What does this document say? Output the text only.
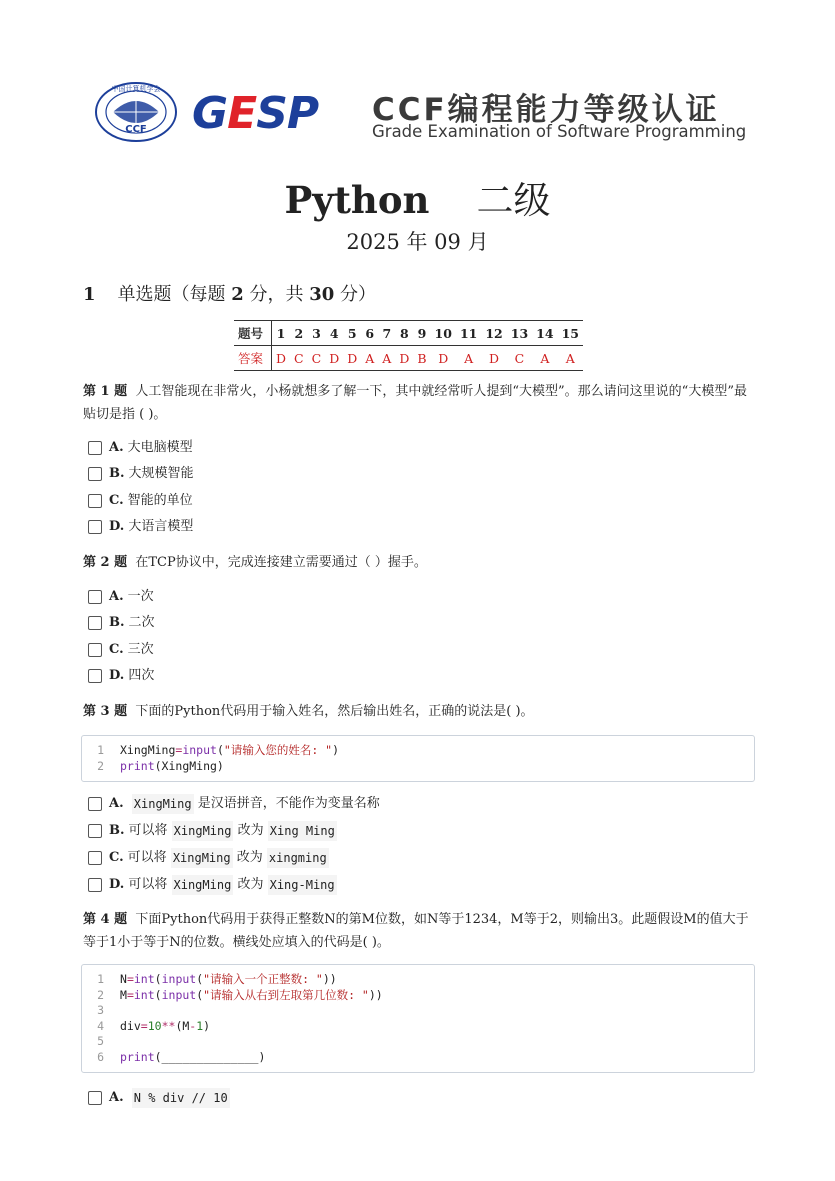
中国计算机学会
CCF	GESP CCF编程能力等级认证
Grade Examination of Software Programming
Python 二级
2025 年 09 月
1 单选题（每题 2 分，共 30 分）
题号	1	2	3	4	5	6	7	8	9	10	11	12	13	14	15
答案	D	C	C	D	D	A	A	D	B	D	A	D	C	A	A
第 1 题 人工智能现在非常火，小杨就想多了解一下，其中就经常听人提到“大模型”。那么请问这里说的“大模型”最贴切是指 ( )。
A. 大电脑模型
B. 大规模智能
C. 智能的单位
D. 大语言模型
第 2 题 在TCP协议中，完成连接建立需要通过（ ）握手。
A. 一次
B. 二次
C. 三次
D. 四次
第 3 题 下面的Python代码用于输入姓名，然后输出姓名，正确的说法是( )。
1 XingMing = input ( "请输入您的姓名: " )
2 print (XingMing)
A.
XingMing
是汉语拼音，不能作为变量名称
B. 可以将
XingMing
改为
Xing Ming
C. 可以将
XingMing
改为
xingming
D. 可以将
XingMing
改为
Xing-Ming
第 4 题 下面Python代码用于获得正整数N的第M位数，如N等于1234，M等于2，则输出3。此题假设M的值大于等于1小于等于N的位数。横线处应填入的代码是( )。
1 N = int ( input ( "请输入一个正整数: " ))
2 M = int ( input ( "请输入从右到左取第几位数: " ))
3
4 div = 10 ** (M - 1 )
5
6 print (______________)
A.
N % div // 10
